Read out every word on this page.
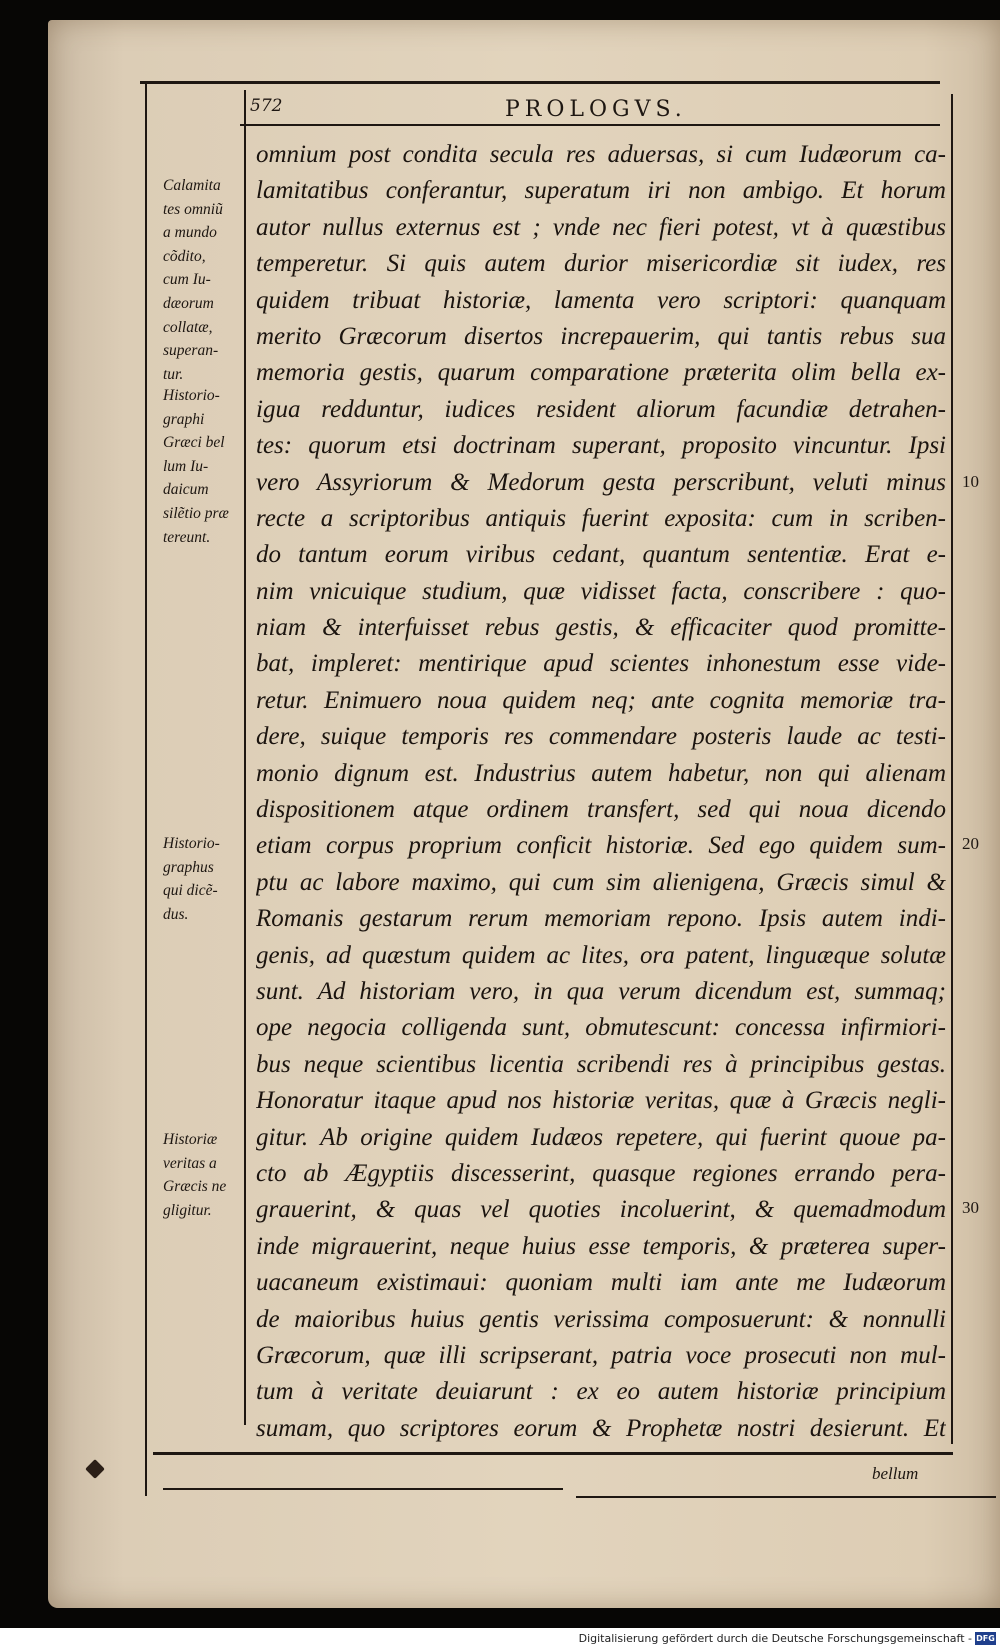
572	PROLOGVS.
Calamita
tes omniũ
a mundo
cõdito,
cum Iu-
dæorum
collatæ,
superan-
tur.
Historio-
graphi
Græci bel
lum Iu-
daicum
silẽtio præ
tereunt.
Historio-
graphus
qui dicẽ-
dus.
Historiæ
veritas a
Græcis ne
gligitur.
omnium post condita secula res aduersas, si cum Iudæorum ca-
lamitatibus conferantur, superatum iri non ambigo. Et horum
autor nullus externus est ; vnde nec fieri potest, vt à quæstibus
temperetur. Si quis autem durior misericordiæ sit iudex, res
quidem tribuat historiæ, lamenta vero scriptori: quanquam
merito Græcorum disertos increpauerim, qui tantis rebus sua
memoria gestis, quarum comparatione præterita olim bella ex-
igua redduntur, iudices resident aliorum facundiæ detrahen-
tes: quorum etsi doctrinam superant, proposito vincuntur. Ipsi
vero Assyriorum & Medorum gesta perscribunt, veluti minus
recte a scriptoribus antiquis fuerint exposita: cum in scriben-
do tantum eorum viribus cedant, quantum sententiæ. Erat e-
nim vnicuique studium, quæ vidisset facta, conscribere : quo-
niam & interfuisset rebus gestis, & efficaciter quod promitte-
bat, impleret: mentirique apud scientes inhonestum esse vide-
retur. Enimuero noua quidem neq; ante cognita memoriæ tra-
dere, suique temporis res commendare posteris laude ac testi-
monio dignum est. Industrius autem habetur, non qui alienam
dispositionem atque ordinem transfert, sed qui noua dicendo
etiam corpus proprium conficit historiæ. Sed ego quidem sum-
ptu ac labore maximo, qui cum sim alienigena, Græcis simul &
Romanis gestarum rerum memoriam repono. Ipsis autem indi-
genis, ad quæstum quidem ac lites, ora patent, linguæque solutæ
sunt. Ad historiam vero, in qua verum dicendum est, summaq;
ope negocia colligenda sunt, obmutescunt: concessa infirmiori-
bus neque scientibus licentia scribendi res à principibus gestas.
Honoratur itaque apud nos historiæ veritas, quæ à Græcis negli-
gitur. Ab origine quidem Iudæos repetere, qui fuerint quoue pa-
cto ab Ægyptiis discesserint, quasque regiones errando pera-
grauerint, & quas vel quoties incoluerint, & quemadmodum
inde migrauerint, neque huius esse temporis, & præterea super-
uacaneum existimaui: quoniam multi iam ante me Iudæorum
de maioribus huius gentis verissima composuerunt: & nonnulli
Græcorum, quæ illi scripserant, patria voce prosecuti non mul-
tum à veritate deuiarunt : ex eo autem historiæ principium
sumam, quo scriptores eorum & Prophetæ nostri desierunt. Et
10
20
30
bellum
Digitalisierung gefördert durch die Deutsche Forschungsgemeinschaft - DFG
